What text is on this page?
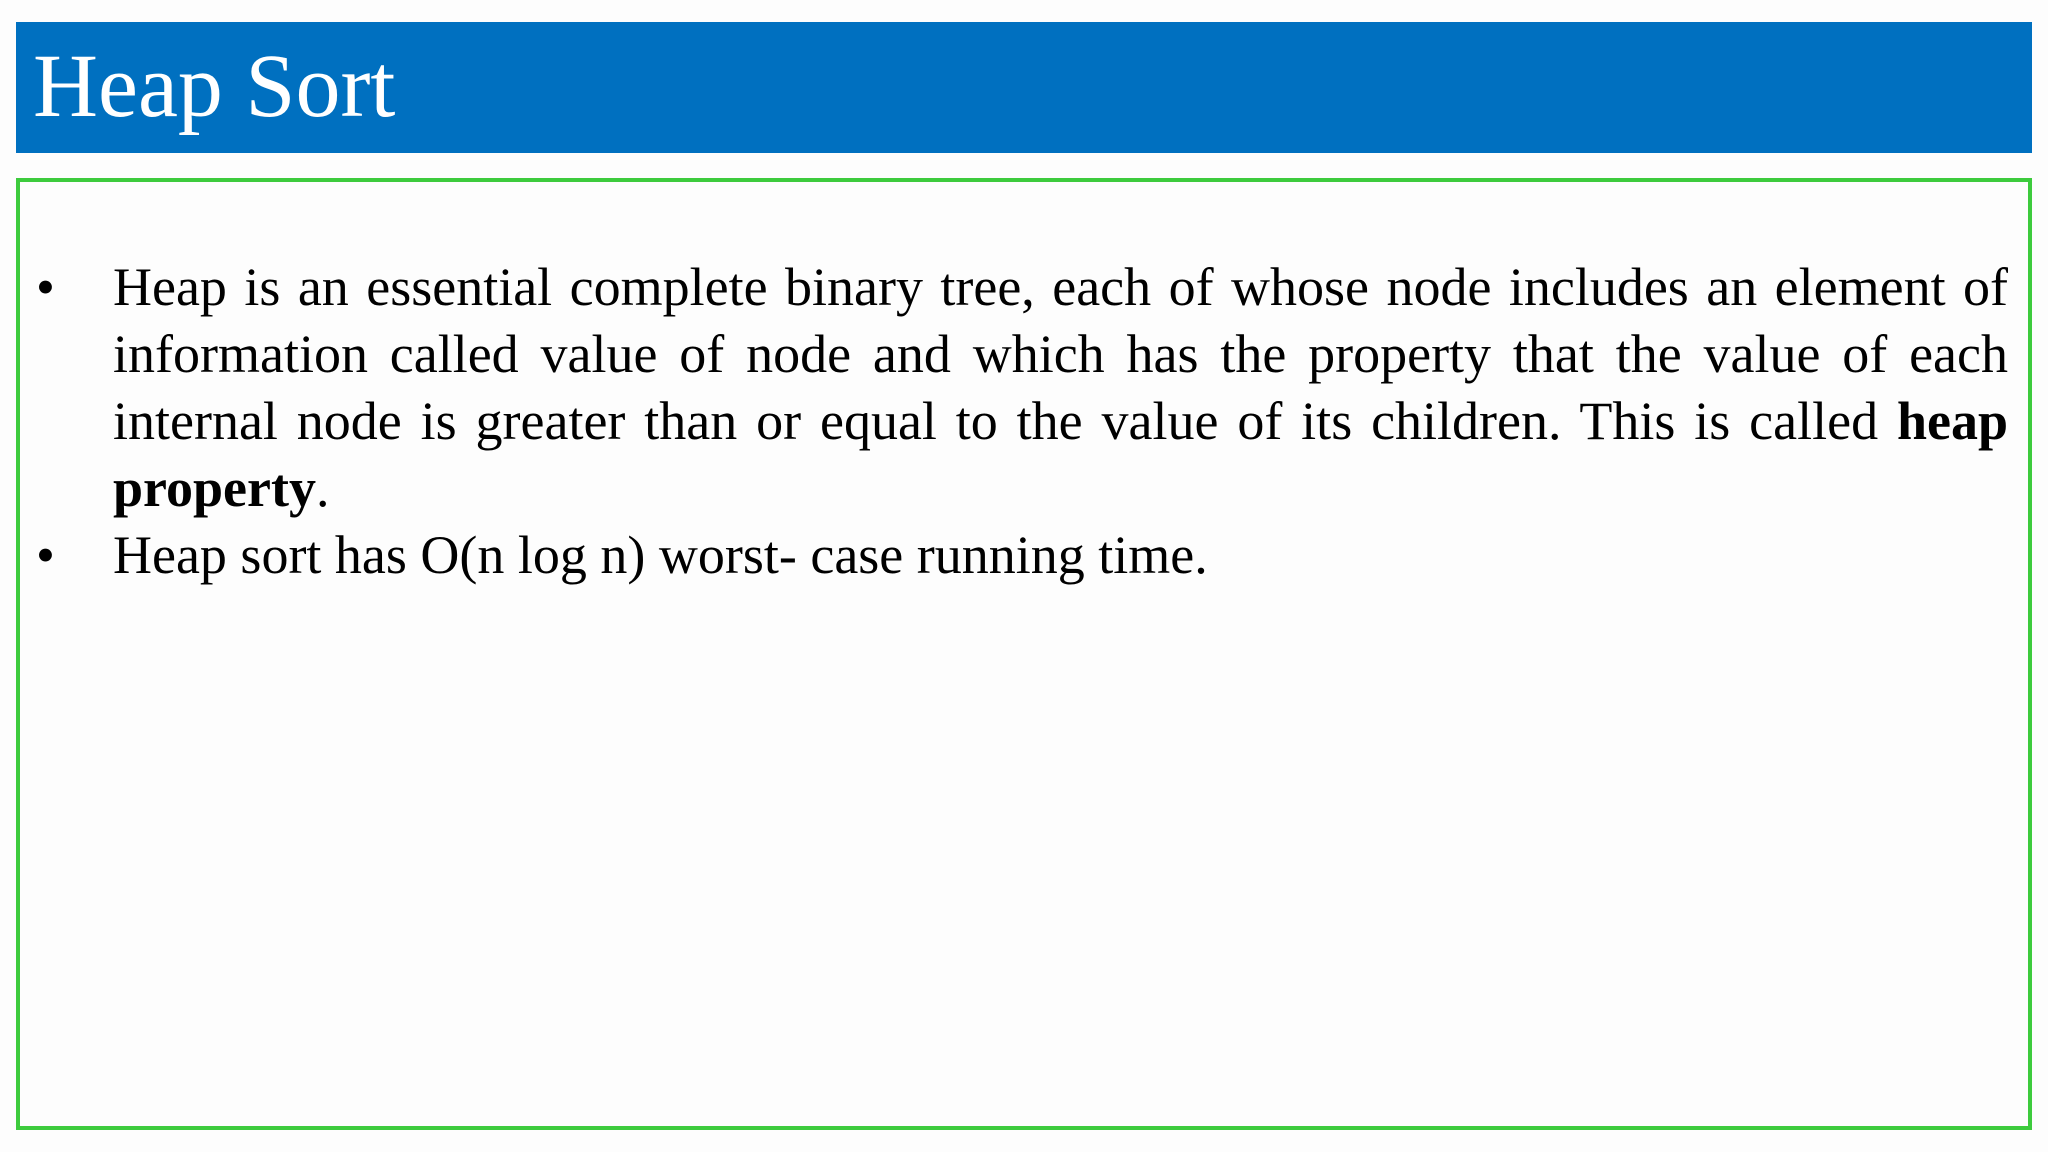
Heap Sort
•	Heap is an essential complete binary tree, each of whose node includes an element of information called value of node and which has the property that the value of each internal node is greater than or equal to the value of its children. This is called heap property.
•	Heap sort has O(n log n) worst- case running time.
